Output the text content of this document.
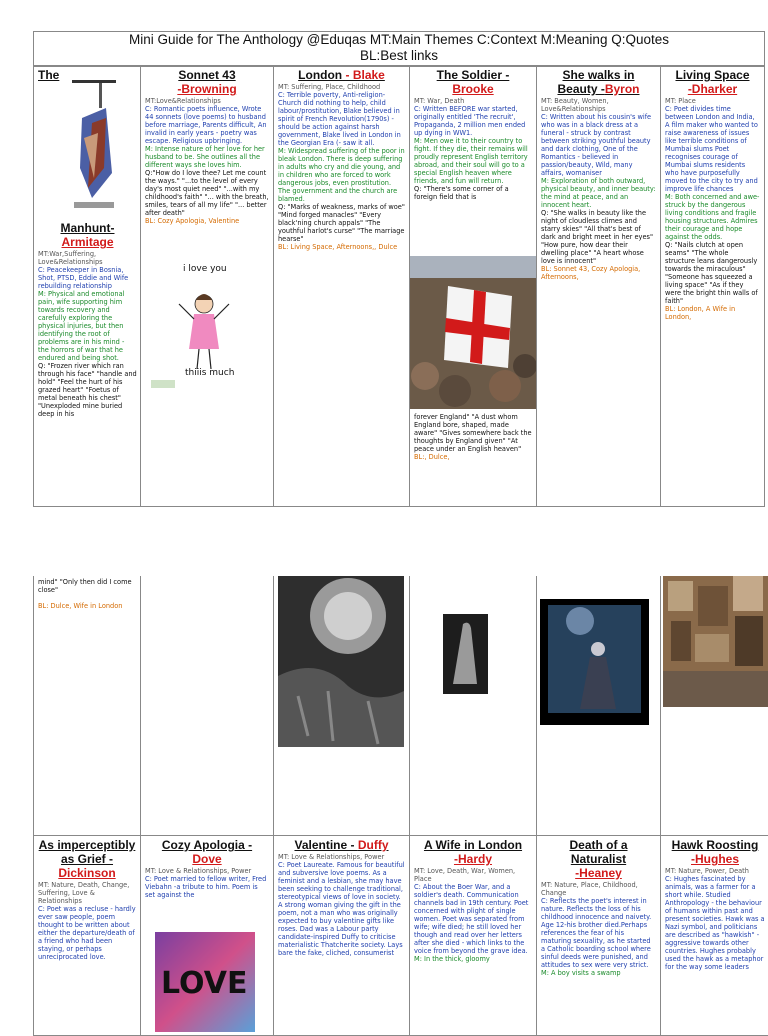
Mini Guide for The Anthology @Eduqas MT:Main Themes C:Context M:Meaning Q:Quotes
BL:Best links
The
Manhunt-
Armitage
MT:War,Suffering, Love&Relationships
C: Peacekeeper in Bosnia, Shot, PTSD, Eddie and Wife rebuilding relationship
M: Physical and emotional pain, wife supporting him towards recovery and carefully exploring the physical injuries, but then identifying the root of problems are in his mind - the horrors of war that he endured and being shot.
Q: "Frozen river which ran through his face" "handle and hold" "Feel the hurt of his grazed heart" "Foetus of metal beneath his chest" "Unexploded mine buried deep in his
Sonnet 43
-Browning
MT:Love&Relationships
C: Romantic poets influence, Wrote 44 sonnets (love poems) to husband before marriage, Parents difficult, An invalid in early years - poetry was escape. Religious upbringing.
M: Intense nature of her love for her husband to be. She outlines all the different ways she loves him.
Q:"How do I love thee? Let me count the ways." "...to the level of every day's most quiet need" "...with my childhood's faith" "... with the breath, smiles, tears of all my life" "... better after death"
BL: Cozy Apologia, Valentine
i love you
thiiis much
London - Blake
MT: Suffering, Place, Childhood
C: Terrible poverty, Anti-religion-Church did nothing to help, child labour/prostitution, Blake believed in spirit of French Revolution(1790s) -should be action against harsh government, Blake lived in London in the Georgian Era (- saw it all.
M: Widespread suffering of the poor in bleak London. There is deep suffering in adults who cry and die young, and in children who are forced to work dangerous jobs, even prostitution. The government and the church are blamed.
Q: "Marks of weakness, marks of woe" "Mind forged manacles" "Every black'ning church appals" "The youthful harlot's curse" "The marriage hearse"
BL: Living Space, Afternoons,, Dulce
The Soldier -
Brooke
MT: War, Death
C: Written BEFORE war started, originally entitled 'The recruit', Propaganda, 2 million men ended up dying in WW1.
M: Men owe it to their country to fight. If they die, their remains will proudly represent English territory abroad, and their soul will go to a special English heaven where friends, and fun will return.
Q: "There's some corner of a foreign field that is
forever England" "A dust whom England bore, shaped, made aware" "Gives somewhere back the thoughts by England given" "At peace under an English heaven"
BL:, Dulce,
She walks in
Beauty -Byron
MT: Beauty, Women, Love&Relationships
C: Written about his cousin's wife who was in a black dress at a funeral - struck by contrast between striking youthful beauty and dark clothing, One of the Romantics - believed in passion/beauty, Wild, many affairs, womaniser
M: Exploration of both outward, physical beauty, and inner beauty: the mind at peace, and an innocent heart.
Q: "She walks in beauty like the night of cloudless climes and starry skies" "All that's best of dark and bright meet in her eyes" "How pure, how dear their dwelling place" "A heart whose love is innocent"
BL: Sonnet 43, Cozy Apologia, Afternoons,
Living Space
-Dharker
MT: Place
C: Poet divides time between London and India, A film maker who wanted to raise awareness of issues like terrible conditions of Mumbai slums Poet recognises courage of Mumbai slums residents who have purposefully moved to the city to try and improve life chances
M: Both concerned and awe-struck by the dangerous living conditions and fragile housing structures. Admires their courage and hope against the odds.
Q: "Nails clutch at open seams" "The whole structure leans dangerously towards the miraculous" "Someone has squeezed a living space" "As if they were the bright thin walls of faith"
BL: London, A Wife in London,
mind" "Only then did I come close"
BL: Dulce, Wife in London
As imperceptibly as Grief -
Dickinson
MT: Nature, Death, Change, Suffering, Love & Relationships
C: Poet was a recluse - hardly ever saw people, poem thought to be written about either the departure/death of a friend who had been staying, or perhaps unreciprocated love.
Cozy Apologia -
Dove
MT: Love & Relationships, Power
C: Poet married to fellow writer, Fred Viebahn -a tribute to him. Poem is set against the
LOVE
Valentine - Duffy
MT: Love & Relationships, Power
C: Poet Laureate. Famous for beautiful and subversive love poems. As a feminist and a lesbian, she may have been seeking to challenge traditional, stereotypical views of love in society. A strong woman giving the gift in the poem, not a man who was originally expected to buy valentine gifts like roses. Dad was a Labour party candidate-inspired Duffy to criticise materialistic Thatcherite society. Lays bare the fake, cliched, consumerist
A Wife in London
-Hardy
MT: Love, Death, War, Women, Place
C: About the Boer War, and a soldier's death. Communication channels bad in 19th century. Poet concerned with plight of single women. Poet was separated from wife; wife died; he still loved her though and read over her letters after she died - which links to the voice from beyond the grave idea.
M: In the thick, gloomy
Death of a Naturalist
-Heaney
MT: Nature, Place, Childhood, Change
C: Reflects the poet's interest in nature. Reflects the loss of his childhood innocence and naivety. Age 12-his brother died.Perhaps references the fear of his maturing sexuality, as he started a Catholic boarding school where sinful deeds were punished, and attitudes to sex were very strict.
M: A boy visits a swamp
Hawk Roosting
-Hughes
MT: Nature, Power, Death
C: Hughes fascinated by animals, was a farmer for a short while. Studied Anthropology - the behaviour of humans within past and present societies. Hawk was a Nazi symbol, and politicians are described as "hawkish" - aggressive towards other countries. Hughes probably used the hawk as a metaphor for the way some leaders
